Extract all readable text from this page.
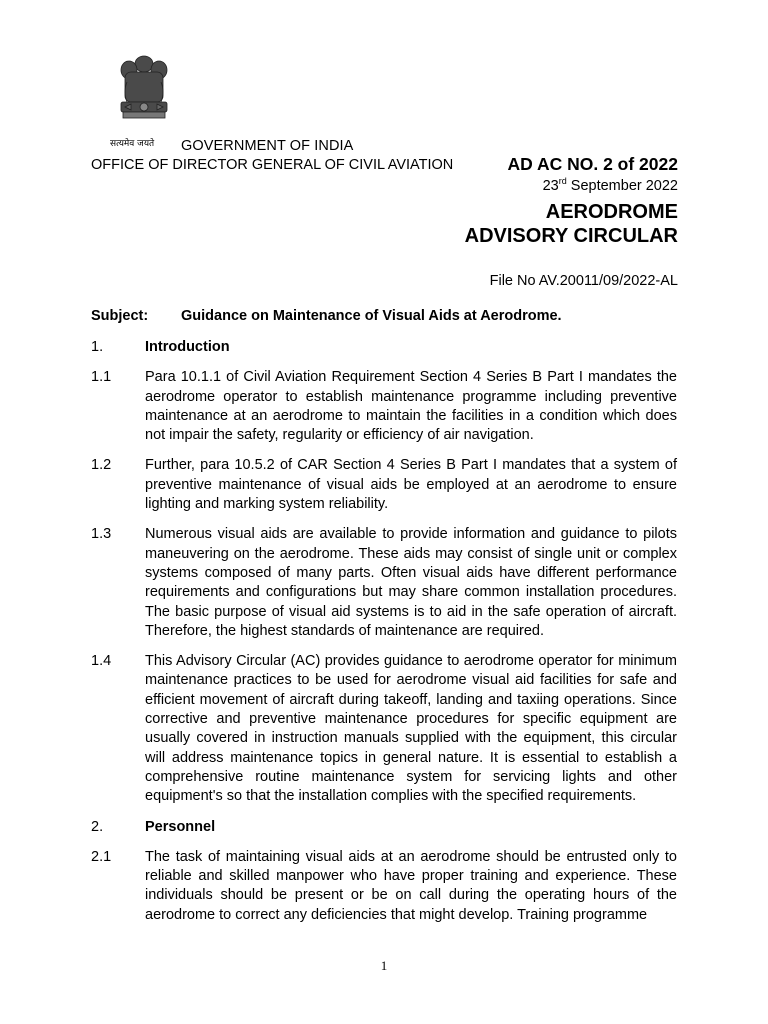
सत्यमेव जयते GOVERNMENT OF INDIA
OFFICE OF DIRECTOR GENERAL OF CIVIL AVIATION	AD AC NO. 2 of 2022
23rd September 2022
AERODROME
ADVISORY CIRCULAR
File No AV.20011/09/2022-AL
Subject: Guidance on Maintenance of Visual Aids at Aerodrome.
1.	Introduction
1.1	Para 10.1.1 of Civil Aviation Requirement Section 4 Series B Part I mandates the aerodrome operator to establish maintenance programme including preventive maintenance at an aerodrome to maintain the facilities in a condition which does not impair the safety, regularity or efficiency of air navigation.
1.2	Further, para 10.5.2 of CAR Section 4 Series B Part I mandates that a system of preventive maintenance of visual aids be employed at an aerodrome to ensure lighting and marking system reliability.
1.3	Numerous visual aids are available to provide information and guidance to pilots maneuvering on the aerodrome. These aids may consist of single unit or complex systems composed of many parts. Often visual aids have different performance requirements and configurations but may share common installation procedures. The basic purpose of visual aid systems is to aid in the safe operation of aircraft. Therefore, the highest standards of maintenance are required.
1.4	This Advisory Circular (AC) provides guidance to aerodrome operator for minimum maintenance practices to be used for aerodrome visual aid facilities for safe and efficient movement of aircraft during takeoff, landing and taxiing operations. Since corrective and preventive maintenance procedures for specific equipment are usually covered in instruction manuals supplied with the equipment, this circular will address maintenance topics in general nature. It is essential to establish a comprehensive routine maintenance system for servicing lights and other equipment's so that the installation complies with the specified requirements.
2.	Personnel
2.1	The task of maintaining visual aids at an aerodrome should be entrusted only to reliable and skilled manpower who have proper training and experience. These individuals should be present or be on call during the operating hours of the aerodrome to correct any deficiencies that might develop. Training programme
1
